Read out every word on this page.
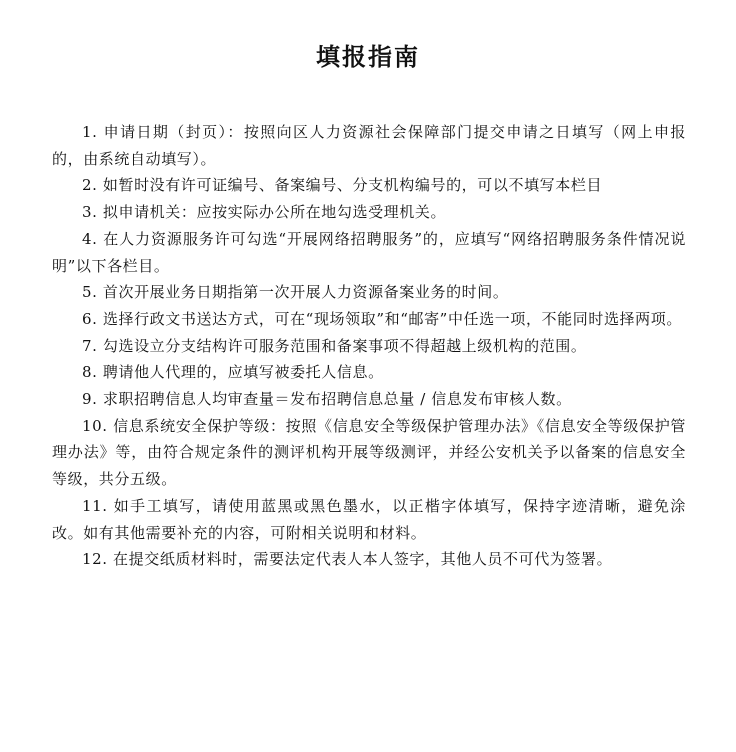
填报指南

1. 申请日期（封页）：按照向区人力资源社会保障部门提交申请之日填写（网上申报的，由系统自动填写）。

2. 如暂时没有许可证编号、备案编号、分支机构编号的，可以不填写本栏目

3. 拟申请机关：应按实际办公所在地勾选受理机关。

4. 在人力资源服务许可勾选“开展网络招聘服务”的，应填写“网络招聘服务条件情况说明”以下各栏目。

5. 首次开展业务日期指第一次开展人力资源备案业务的时间。

6. 选择行政文书送达方式，可在“现场领取”和“邮寄”中任选一项，不能同时选择两项。

7. 勾选设立分支结构许可服务范围和备案事项不得超越上级机构的范围。

8. 聘请他人代理的，应填写被委托人信息。

9. 求职招聘信息人均审查量＝发布招聘信息总量 / 信息发布审核人数。

10. 信息系统安全保护等级：按照《信息安全等级保护管理办法》《信息安全等级保护管理办法》等，由符合规定条件的测评机构开展等级测评，并经公安机关予以备案的信息安全等级，共分五级。

11. 如手工填写，请使用蓝黑或黑色墨水，以正楷字体填写，保持字迹清晰，避免涂改。如有其他需要补充的内容，可附相关说明和材料。

12. 在提交纸质材料时，需要法定代表人本人签字，其他人员不可代为签署。
